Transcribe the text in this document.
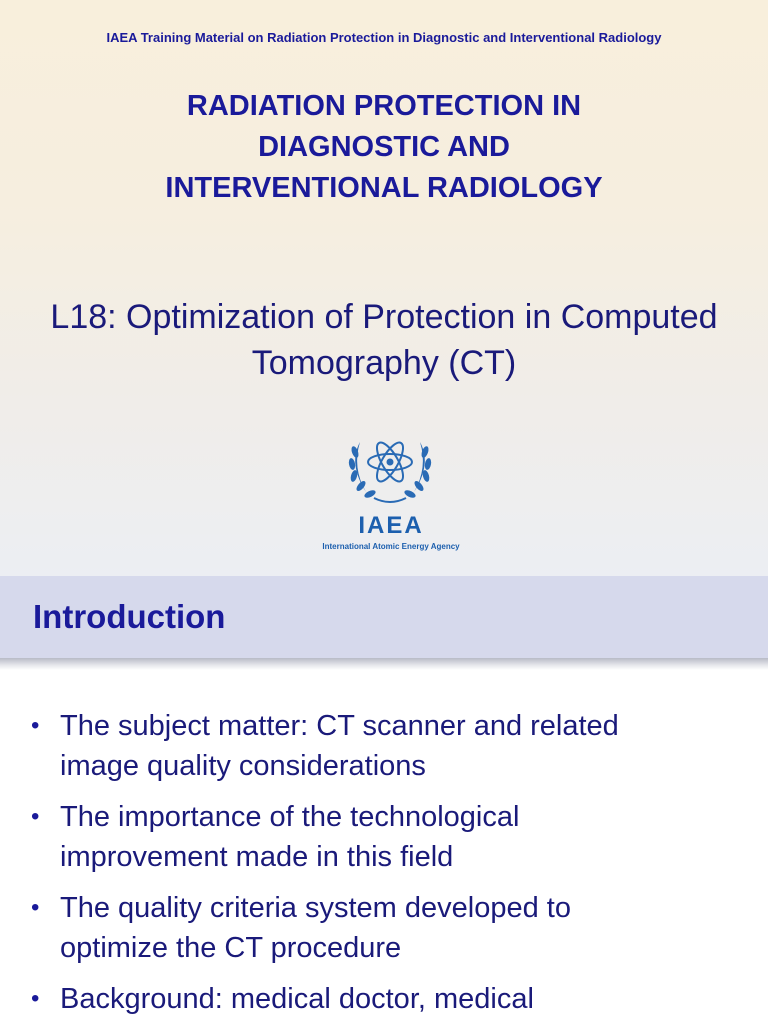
IAEA Training Material on Radiation Protection in Diagnostic and Interventional Radiology
RADIATION PROTECTION IN
DIAGNOSTIC AND
INTERVENTIONAL RADIOLOGY
L18: Optimization of Protection in Computed
Tomography (CT)
IAEA
International Atomic Energy Agency
Introduction
• The subject matter: CT scanner and related
image quality considerations
• The importance of the technological
improvement made in this field
• The quality criteria system developed to
optimize the CT procedure
• Background: medical doctor, medical
